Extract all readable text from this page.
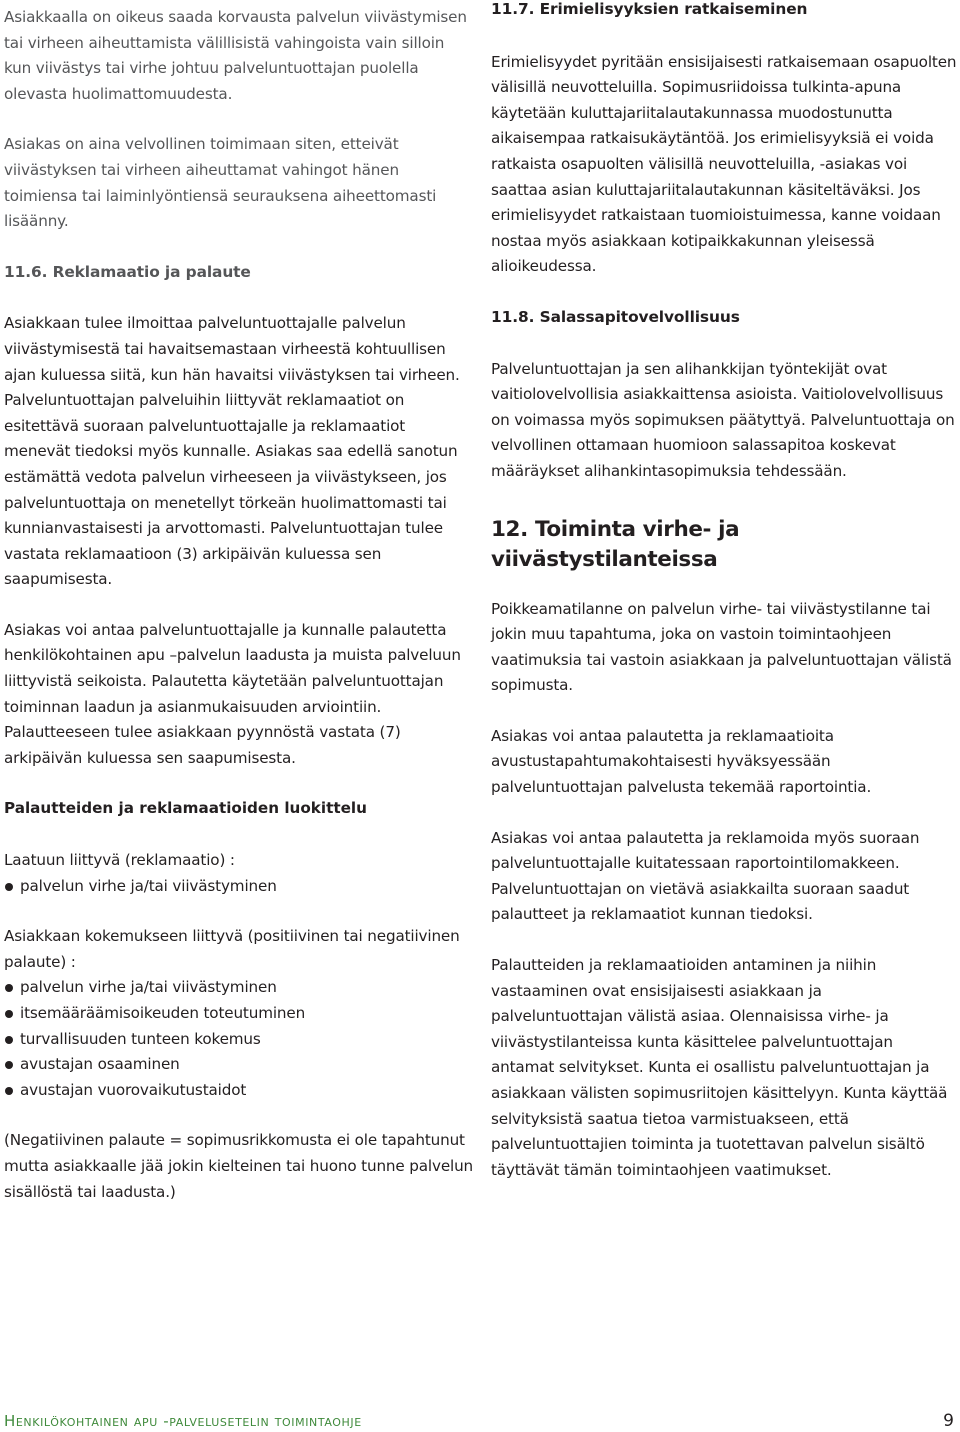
Asiakkaalla on oikeus saada korvausta palvelun viivästymisen tai virheen aiheuttamista välillisistä vahingoista vain silloin kun viivästys tai virhe johtuu palveluntuottajan puolella olevasta huolimattomuudesta.

Asiakas on aina velvollinen toimimaan siten, etteivät viivästyksen tai virheen aiheuttamat vahingot hänen toimiensa tai laiminlyöntiensä seurauksena aiheettomasti lisäänny.

11.6. Reklamaatio ja palaute

Asiakkaan tulee ilmoittaa palveluntuottajalle palvelun viivästymisestä tai havaitsemastaan virheestä kohtuullisen ajan kuluessa siitä, kun hän havaitsi viivästyksen tai virheen. Palveluntuottajan palveluihin liittyvät reklamaatiot on esitettävä suoraan palveluntuottajalle ja reklamaatiot menevät tiedoksi myös kunnalle. Asiakas saa edellä sanotun estämättä vedota palvelun virheeseen ja viivästykseen, jos palveluntuottaja on menetellyt törkeän huolimattomasti tai kunnianvastaisesti ja arvottomasti. Palveluntuottajan tulee vastata reklamaatioon (3) arkipäivän kuluessa sen saapumisesta.

Asiakas voi antaa palveluntuottajalle ja kunnalle palautetta henkilökohtainen apu –palvelun laadusta ja muista palveluun liittyvistä seikoista. Palautetta käytetään palveluntuottajan toiminnan laadun ja asianmukaisuuden arviointiin. Palautteeseen tulee asiakkaan pyynnöstä vastata (7) arkipäivän kuluessa sen saapumisesta.

Palautteiden ja reklamaatioiden luokittelu

Laatuun liittyvä (reklamaatio) :

palvelun virhe ja/tai viivästyminen

Asiakkaan kokemukseen liittyvä (positiivinen tai negatiivinen palaute) :

palvelun virhe ja/tai viivästyminen
itsemääräämisoikeuden toteutuminen
turvallisuuden tunteen kokemus
avustajan osaaminen
avustajan vuorovaikutustaidot

(Negatiivinen palaute = sopimusrikkomusta ei ole tapahtunut mutta asiakkaalle jää jokin kielteinen tai huono tunne palvelun sisällöstä tai laadusta.)

11.7. Erimielisyyksien ratkaiseminen

Erimielisyydet pyritään ensisijaisesti ratkaisemaan osapuolten välisillä neuvotteluilla. Sopimusriidoissa tulkinta-apuna käytetään kuluttajariitalautakunnassa muodostunutta aikaisempaa ratkaisukäytäntöä. Jos erimielisyyksiä ei voida ratkaista osapuolten välisillä neuvotteluilla, -asiakas voi saattaa asian kuluttajariitalautakunnan käsiteltäväksi. Jos erimielisyydet ratkaistaan tuomioistuimessa, kanne voidaan nostaa myös asiakkaan kotipaikkakunnan yleisessä alioikeudessa.

11.8. Salassapitovelvollisuus

Palveluntuottajan ja sen alihankkijan työntekijät ovat vaitiolovelvollisia asiakkaittensa asioista. Vaitiolovelvollisuus on voimassa myös sopimuksen päätyttyä. Palveluntuottaja on velvollinen ottamaan huomioon salassapitoa koskevat määräykset alihankintasopimuksia tehdessään.

12. Toiminta virhe- ja viivästystilanteissa

Poikkeamatilanne on palvelun virhe- tai viivästystilanne tai jokin muu tapahtuma, joka on vastoin toimintaohjeen vaatimuksia tai vastoin asiakkaan ja palveluntuottajan välistä sopimusta.

Asiakas voi antaa palautetta ja reklamaatioita avustustapahtumakohtaisesti hyväksyessään palveluntuottajan palvelusta tekemää raportointia.

Asiakas voi antaa palautetta ja reklamoida myös suoraan palveluntuottajalle kuitatessaan raportointilomakkeen. Palveluntuottajan on vietävä asiakkailta suoraan saadut palautteet ja reklamaatiot kunnan tiedoksi.

Palautteiden ja reklamaatioiden antaminen ja niihin vastaaminen ovat ensisijaisesti asiakkaan ja palveluntuottajan välistä asiaa. Olennaisissa virhe- ja viivästystilanteissa kunta käsittelee palveluntuottajan antamat selvitykset. Kunta ei osallistu palveluntuottajan ja asiakkaan välisten sopimusriitojen käsittelyyn. Kunta käyttää selvityksistä saatua tietoa varmistuakseen, että palveluntuottajien toiminta ja tuotettavan palvelun sisältö täyttävät tämän toimintaohjeen vaatimukset.

Henkilökohtainen apu -palvelusetelin toimintaohje	9
